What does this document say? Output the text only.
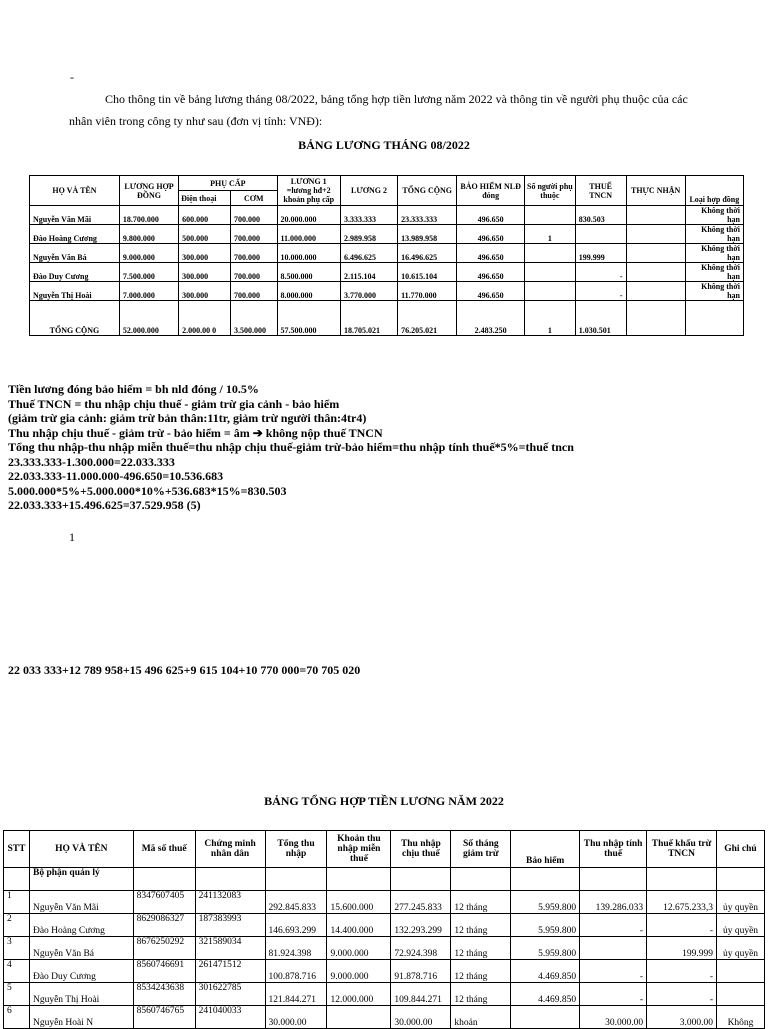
-
Cho thông tin về bảng lương tháng 08/2022, bảng tổng hợp tiền lương năm 2022 và thông tin về người phụ thuộc của các nhân viên trong công ty như sau (đơn vị tính: VNĐ):
BẢNG LƯƠNG THÁNG 08/2022
HỌ VÀ TÊN	LƯƠNG HỢP ĐỒNG	PHỤ CẤP		LƯƠNG 1 =lương hđ+2 khoản phụ cấp	LƯƠNG 2	TỔNG CỘNG	BẢO HIỂM NLĐ đóng	Số người phụ thuộc	THUẾ TNCN	THỰC NHẬN	Loại hợp đồng
		Điện thoại	CƠM								
Nguyễn Văn Mãi	18.700.000	600.000	700.000	20.000.000	3.333.333	23.333.333	496.650		830.503		Không thời hạn
Đào Hoàng Cương	9.800.000	500.000	700.000	11.000.000	2.989.958	13.989.958	496.650	1			Không thời hạn
Nguyễn Văn Bá	9.000.000	300.000	700.000	10.000.000	6.496.625	16.496.625	496.650		199.999		Không thời hạn
Đào Duy Cương	7.500.000	300.000	700.000	8.500.000	2.115.104	10.615.104	496.650		-		Không thời hạn
Nguyễn Thị Hoài	7.000.000	300.000	700.000	8.000.000	3.770.000	11.770.000	496.650		-		Không thời hạn
TỔNG CỘNG	52.000.000	2.000.00 0	3.500.000	57.500.000	18.705.021	76.205.021	2.483.250	1	1.030.501		
Tiền lương đóng bảo hiểm = bh nld đóng / 10.5%
Thuế TNCN = thu nhập chịu thuế - giảm trừ gia cảnh - bảo hiểm
(giảm trừ gia cảnh: giảm trừ bản thân:11tr, giảm trừ người thân:4tr4)
Thu nhập chịu thuế - giảm trừ - bảo hiểm = âm ➔ không nộp thuế TNCN
Tổng thu nhập-thu nhập miễn thuế=thu nhập chịu thuế-giảm trừ-bảo hiểm=thu nhập tính thuế*5%=thuế tncn
23.333.333-1.300.000=22.033.333
22.033.333-11.000.000-496.650=10.536.683
5.000.000*5%+5.000.000*10%+536.683*15%=830.503
22.033.333+15.496.625=37.529.958 (5)
1
22 033 333+12 789 958+15 496 625+9 615 104+10 770 000=70 705 020
BẢNG TỔNG HỢP TIỀN LƯƠNG NĂM 2022
STT	HỌ VÀ TÊN	Mã số thuế	Chứng minh nhân dân	Tổng thu nhập	Khoản thu nhập miễn thuế	Thu nhập chịu thuế	Số tháng giảm trừ	Bảo hiểm	Thu nhập tính thuế	Thuế khấu trừ TNCN	Ghi chú
	Bộ phận quản lý										
1	Nguyễn Văn Mãi	8347607405	241132083	292.845.833	15.600.000	277.245.833	12 tháng	5.959.800	139.286.033	12.675.233,3	ủy quyền
2	Đào Hoàng Cương	8629086327	187383993	146.693.299	14.400.000	132.293.299	12 tháng	5.959.800	-	-	ủy quyền
3	Nguyễn Văn Bá	8676250292	321589034	81.924.398	9.000.000	72.924.398	12 tháng	5.959.800		199.999	ủy quyền
4	Đào Duy Cương	8560746691	261471512	100.878.716	9.000.000	91.878.716	12 tháng	4.469.850	-	-	
5	Nguyễn Thị Hoài	8534243638	301622785	121.844.271	12.000.000	109.844.271	12 tháng	4.469.850	-	-	
6	Nguyễn Hoài N	8560746765	241040033	30.000.00		30.000.00	khoản		30.000.00	3.000.00	Không
